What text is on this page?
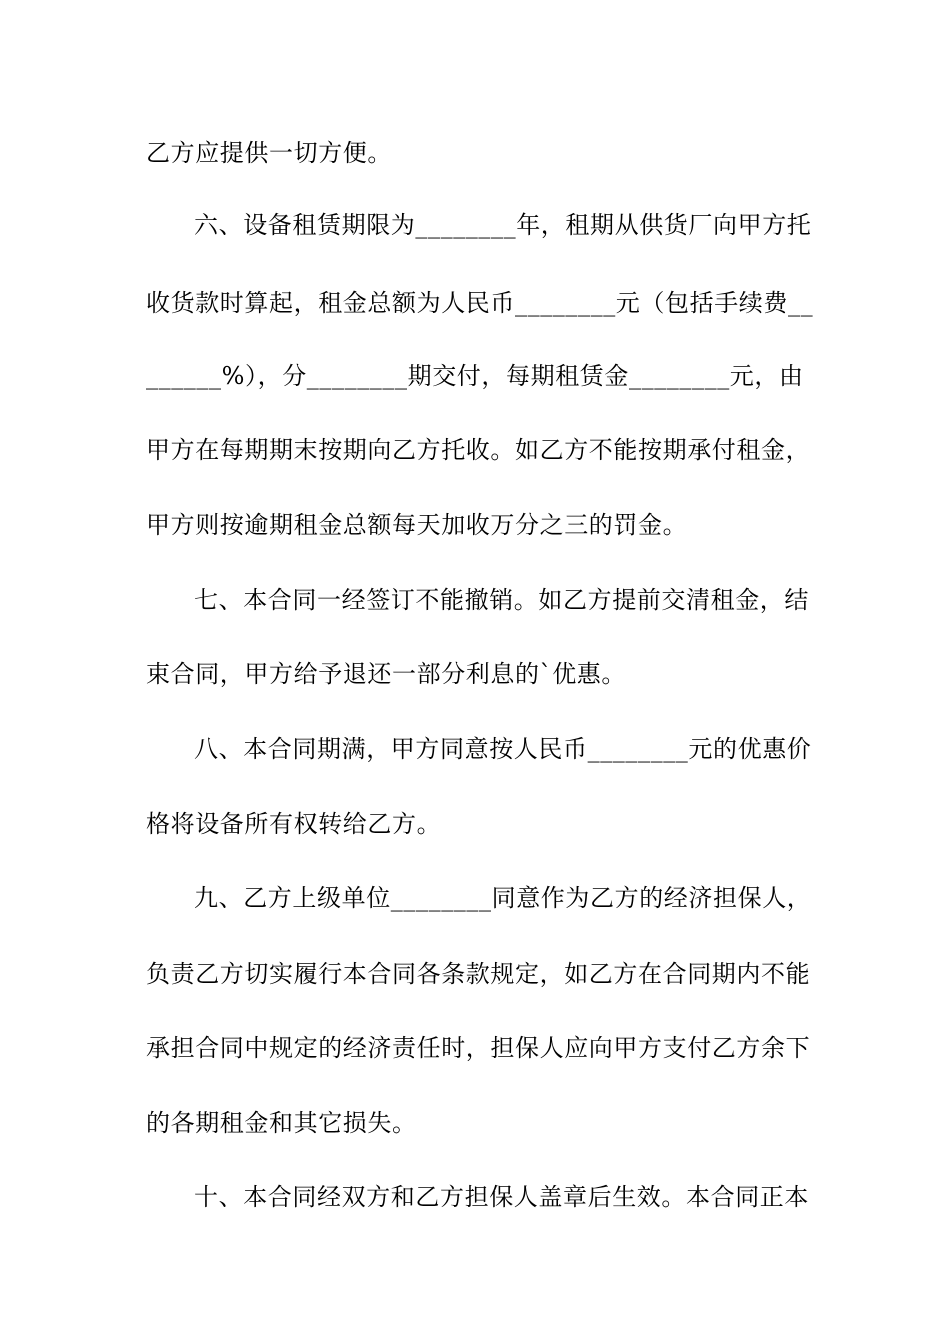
乙方应提供一切方便。
六、设备租赁期限为________年，租期从供货厂向甲方托
收货款时算起，租金总额为人民币________元（包括手续费__
______%），分________期交付，每期租赁金________元，由
甲方在每期期末按期向乙方托收。如乙方不能按期承付租金，
甲方则按逾期租金总额每天加收万分之三的罚金。
七、本合同一经签订不能撤销。如乙方提前交清租金，结
束合同，甲方给予退还一部分利息的`优惠。
八、本合同期满，甲方同意按人民币________元的优惠价
格将设备所有权转给乙方。
九、乙方上级单位________同意作为乙方的经济担保人，
负责乙方切实履行本合同各条款规定，如乙方在合同期内不能
承担合同中规定的经济责任时，担保人应向甲方支付乙方余下
的各期租金和其它损失。
十、本合同经双方和乙方担保人盖章后生效。本合同正本
